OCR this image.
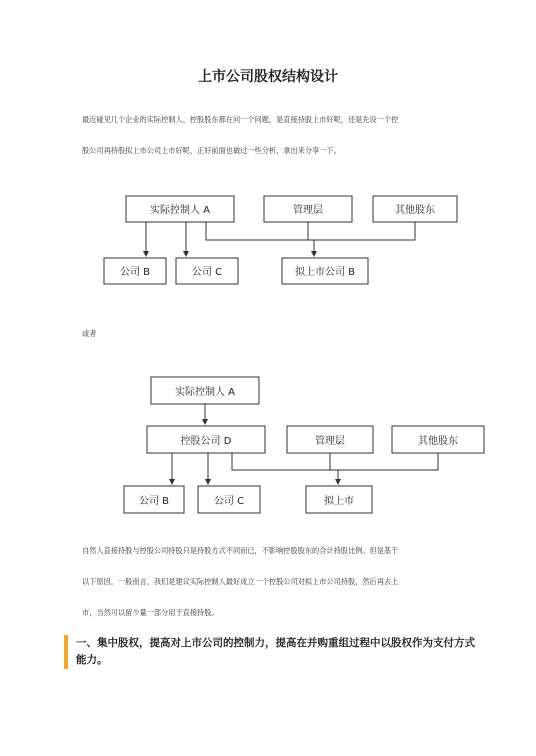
上市公司股权结构设计

最近碰见几个企业的实际控制人、控股股东都在问一个问题，是直接持股上市好呢，还是先设一个控
股公司再持股拟上市公司上市好呢，正好前面也做过一些分析，拿出来分享一下。

实际控制人 A	管理层	其他股东
公司 B	公司 C	拟上市公司 B
实际控制人 A
控股公司 D	管理层	其他股东
公司 B	公司 C	拟上市
或者

自然人直接持股与控股公司持股只是持股方式不同而已，不影响控股股东的合计持股比例。但是基于
以下原因，一般而言，我们是建议实际控制人最好成立一个控股公司对拟上市公司持股，然后再去上
市，当然可以留少量一部分用于直接持股。

一、集中股权，提高对上市公司的控制力，提高在并购重组过程中以股权作为支付方式
能力。
